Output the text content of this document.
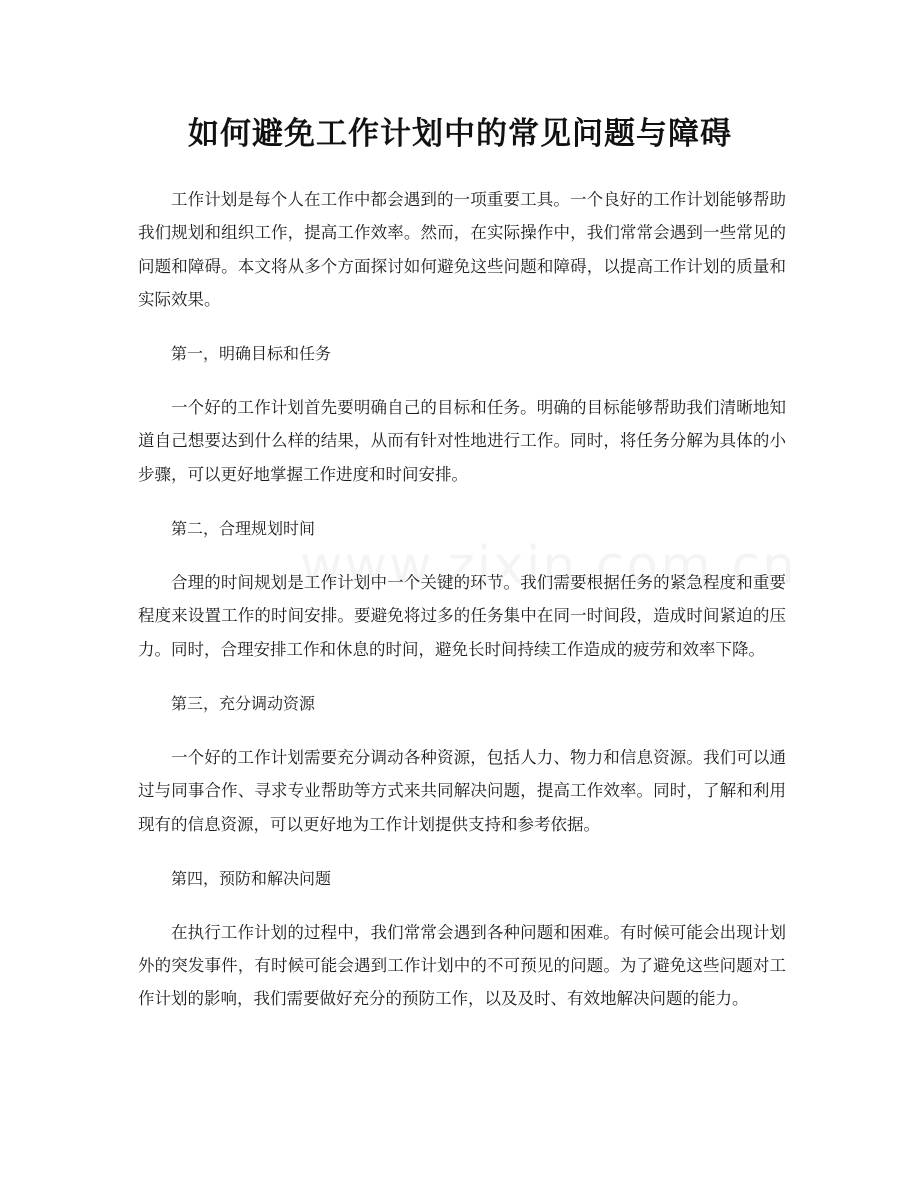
如何避免工作计划中的常见问题与障碍

工作计划是每个人在工作中都会遇到的一项重要工具。一个良好的工作计划能够帮助我们规划和组织工作，提高工作效率。然而，在实际操作中，我们常常会遇到一些常见的问题和障碍。本文将从多个方面探讨如何避免这些问题和障碍，以提高工作计划的质量和实际效果。

第一，明确目标和任务

一个好的工作计划首先要明确自己的目标和任务。明确的目标能够帮助我们清晰地知道自己想要达到什么样的结果，从而有针对性地进行工作。同时，将任务分解为具体的小步骤，可以更好地掌握工作进度和时间安排。

第二，合理规划时间

合理的时间规划是工作计划中一个关键的环节。我们需要根据任务的紧急程度和重要程度来设置工作的时间安排。要避免将过多的任务集中在同一时间段，造成时间紧迫的压力。同时，合理安排工作和休息的时间，避免长时间持续工作造成的疲劳和效率下降。

第三，充分调动资源

一个好的工作计划需要充分调动各种资源，包括人力、物力和信息资源。我们可以通过与同事合作、寻求专业帮助等方式来共同解决问题，提高工作效率。同时，了解和利用现有的信息资源，可以更好地为工作计划提供支持和参考依据。

第四，预防和解决问题

在执行工作计划的过程中，我们常常会遇到各种问题和困难。有时候可能会出现计划外的突发事件，有时候可能会遇到工作计划中的不可预见的问题。为了避免这些问题对工作计划的影响，我们需要做好充分的预防工作，以及及时、有效地解决问题的能力。
